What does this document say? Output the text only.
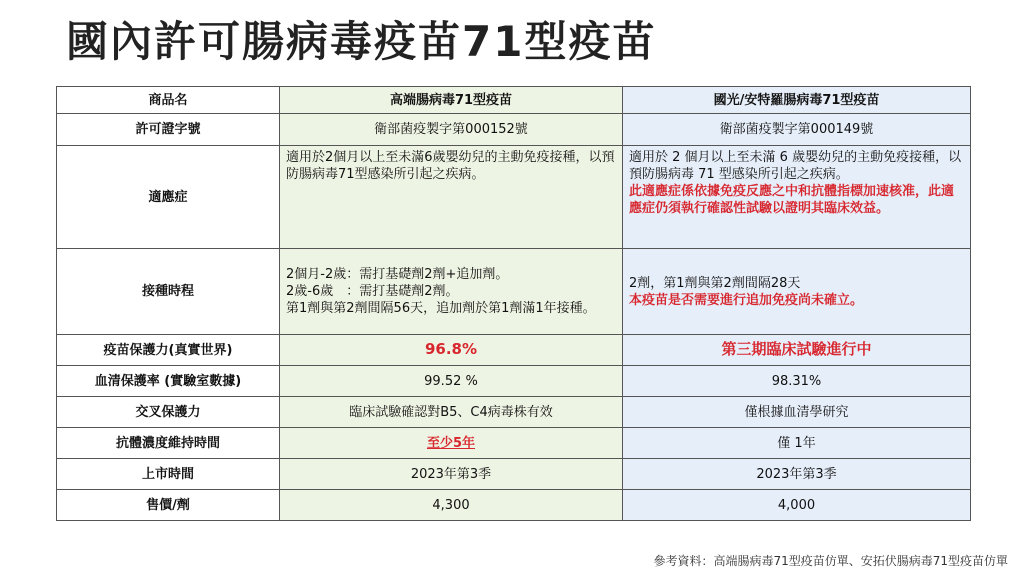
國內許可腸病毒疫苗71型疫苗
商品名	高端腸病毒71型疫苗	國光/安特羅腸病毒71型疫苗
許可證字號	衛部菌疫製字第000152號	衛部菌疫製字第000149號
適應症	適用於2個月以上至未滿6歲嬰幼兒的主動免疫接種，以預防腸病毒71型感染所引起之疾病。	適用於 2 個月以上至未滿 6 歲嬰幼兒的主動免疫接種，以預防腸病毒 71 型感染所引起之疾病。
此適應症係依據免疫反應之中和抗體指標加速核准，此適應症仍須執行確認性試驗以證明其臨床效益。

接種時程	2個月-2歲：需打基礎劑2劑+追加劑。
2歲-6歲　：需打基礎劑2劑。
第1劑與第2劑間隔56天，追加劑於第1劑滿1年接種。	2劑，第1劑與第2劑間隔28天
本疫苗是否需要進行追加免疫尚未確立。

疫苗保護力(真實世界)	96.8%	第三期臨床試驗進行中
血清保護率 (實驗室數據)	99.52 %	98.31%
交叉保護力	臨床試驗確認對B5、C4病毒株有效	僅根據血清學研究
抗體濃度維持時間	至少5年	僅 1年
上市時間	2023年第3季	2023年第3季
售價/劑	4,300	4,000
參考資料：高端腸病毒71型疫苗仿單、安拓伏腸病毒71型疫苗仿單
